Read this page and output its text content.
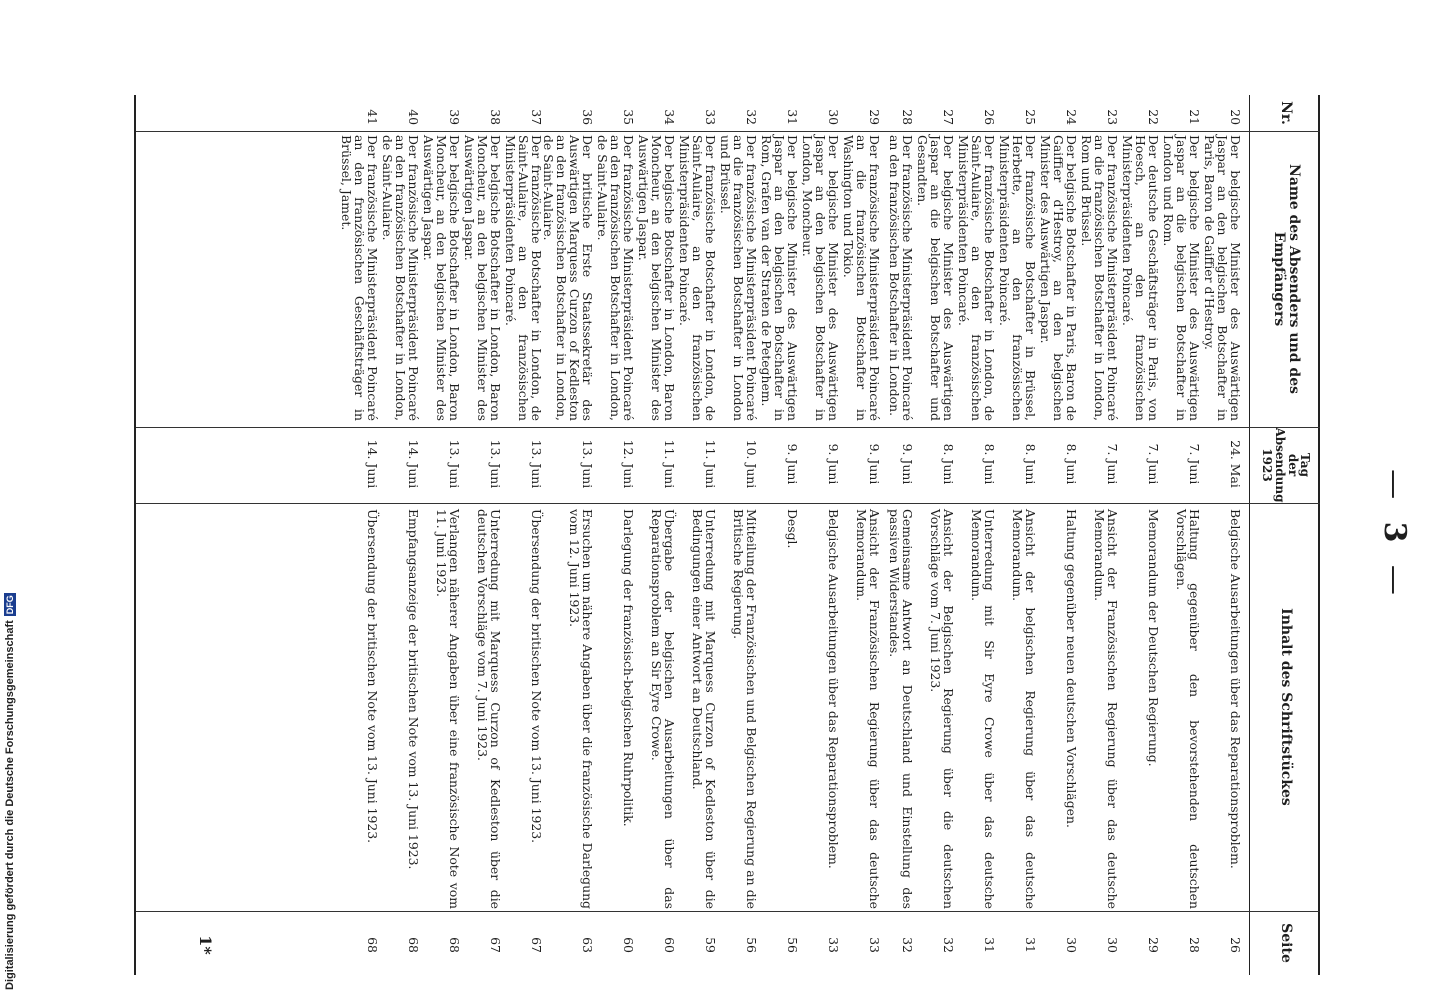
— 3 —
Nr.
Name des Absenders und des Empfängers
Tag
der
Absendung
1923
Inhalt des Schriftstückes
Seite
20
Der belgische Minister des Auswärtigen Jaspar an den belgischen Botschafter in Paris, Baron de Gaiffier d'Hestroy.
24. Mai
Belgische Ausarbeitungen über das Reparationsproblem.
26
21
Der belgische Minister des Auswärtigen Jaspar an die belgischen Botschafter in London und Rom.
7. Juni
Haltung gegenüber den bevorstehenden deutschen Vorschlägen.
28
22
Der deutsche Geschäftsträger in Paris, von Hoesch, an den französischen Ministerpräsidenten Poincaré.
7. Juni
Memorandum der Deutschen Regierung.
29
23
Der französische Ministerpräsident Poincaré an die französischen Botschafter in London, Rom und Brüssel.
7. Juni
Ansicht der Französischen Regierung über das deutsche Memorandum.
30
24
Der belgische Botschafter in Paris, Baron de Gaiffier d'Hestroy, an den belgischen Minister des Auswärtigen Jaspar.
8. Juni
Haltung gegenüber neuen deutschen Vorschlägen.
30
25
Der französische Botschafter in Brüssel, Herbette, an den französischen Ministerpräsidenten Poincaré.
8. Juni
Ansicht der belgischen Regierung über das deutsche Memorandum.
31
26
Der französische Botschafter in London, de Saint-Aulaire, an den französischen Ministerpräsidenten Poincaré.
8. Juni
Unterredung mit Sir Eyre Crowe über das deutsche Memorandum.
31
27
Der belgische Minister des Auswärtigen Jaspar an die belgischen Botschafter und Gesandten.
8. Juni
Ansicht der Belgischen Regierung über die deutschen Vorschläge vom 7. Juni 1923.
32
28
Der französische Ministerpräsident Poincaré an den französischen Botschafter in London.
9. Juni
Gemeinsame Antwort an Deutschland und Einstellung des passiven Widerstandes.
32
29
Der französische Ministerpräsident Poincaré an die französischen Botschafter in Washington und Tokio.
9. Juni
Ansicht der Französischen Regierung über das deutsche Memorandum.
33
30
Der belgische Minister des Auswärtigen Jaspar an den belgischen Botschafter in London, Moncheur.
9. Juni
Belgische Ausarbeitungen über das Reparationsproblem.
33
31
Der belgische Minister des Auswärtigen Jaspar an den belgischen Botschafter in Rom, Grafen van der Straten de Peteghem.
9. Juni
Desgl.
56
32
Der französische Ministerpräsident Poincaré an die französischen Botschafter in London und Brüssel.
10. Juni
Mitteilung der Französischen und Belgischen Regierung an die Britische Regierung.
56
33
Der französische Botschafter in London, de Saint-Aulaire, an den französischen Ministerpräsidenten Poincaré.
11. Juni
Unterredung mit Marquess Curzon of Kedleston über die Bedingungen einer Antwort an Deutschland.
59
34
Der belgische Botschafter in London, Baron Moncheur, an den belgischen Minister des Auswärtigen Jaspar.
11. Juni
Übergabe der belgischen Ausarbeitungen über das Reparationsproblem an Sir Eyre Crowe.
60
35
Der französische Ministerpräsident Poincaré an den französischen Botschafter in London, de Saint-Aulaire.
12. Juni
Darlegung der französisch-belgischen Ruhrpolitik.
60
36
Der britische Erste Staatssekretär des Auswärtigen Marquess Curzon of Kedleston an den französischen Botschafter in London, de Saint-Aulaire.
13. Juni
Ersuchen um nähere Angaben über die französische Darlegung vom 12. Juni 1923.
63
37
Der französische Botschafter in London, de Saint-Aulaire, an den französischen Ministerpräsidenten Poincaré.
13. Juni
Übersendung der britischen Note vom 13. Juni 1923.
67
38
Der belgische Botschafter in London, Baron Moncheur, an den belgischen Minister des Auswärtigen Jaspar.
13. Juni
Unterredung mit Marquess Curzon of Kedleston über die deutschen Vorschläge vom 7. Juni 1923.
67
39
Der belgische Botschafter in London, Baron Moncheur, an den belgischen Minister des Auswärtigen Jaspar.
13. Juni
Verlangen näherer Angaben über eine französische Note vom 11. Juni 1923.
68
40
Der französische Ministerpräsident Poincaré an den französischen Botschafter in London, de Saint-Aulaire.
14. Juni
Empfangsanzeige der britischen Note vom 13. Juni 1923.
68
41
Der französische Ministerpräsident Poincaré an den französischen Geschäftsträger in Brüssel, Jamet.
14. Juni
Übersendung der britischen Note vom 13. Juni 1923.
68
1*
Digitalisierung gefördert durch die Deutsche Forschungsgemeinschaft
DFG
